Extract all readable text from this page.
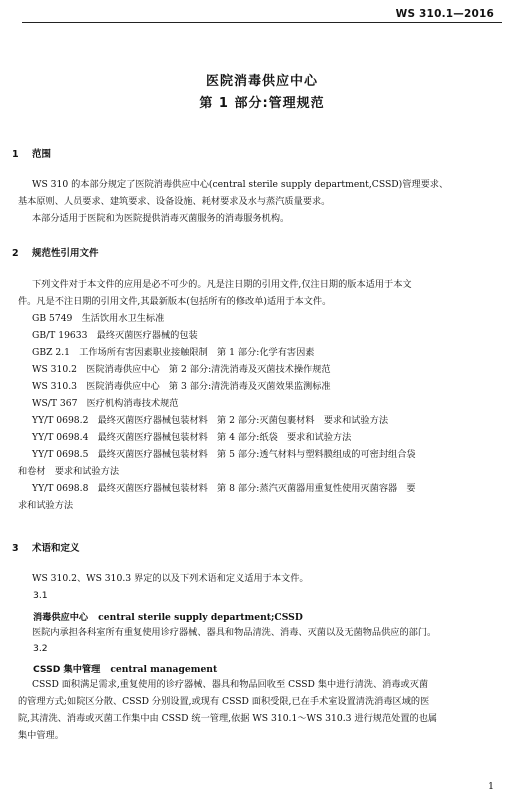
WS 310.1—2016
医院消毒供应中心
第 1 部分:管理规范
1 范围
WS 310 的本部分规定了医院消毒供应中心(central sterile supply department,CSSD)管理要求、
基本原则、人员要求、建筑要求、设备设施、耗材要求及水与蒸汽质量要求。
本部分适用于医院和为医院提供消毒灭菌服务的消毒服务机构。
2 规范性引用文件
下列文件对于本文件的应用是必不可少的。凡是注日期的引用文件,仅注日期的版本适用于本文
件。凡是不注日期的引用文件,其最新版本(包括所有的修改单)适用于本文件。
GB 5749　生活饮用水卫生标准
GB/T 19633　最终灭菌医疗器械的包装
GBZ 2.1　工作场所有害因素职业接触限制　第 1 部分:化学有害因素
WS 310.2　医院消毒供应中心　第 2 部分:清洗消毒及灭菌技术操作规范
WS 310.3　医院消毒供应中心　第 3 部分:清洗消毒及灭菌效果监测标准
WS/T 367　医疗机构消毒技术规范
YY/T 0698.2　最终灭菌医疗器械包装材料　第 2 部分:灭菌包裹材料　要求和试验方法
YY/T 0698.4　最终灭菌医疗器械包装材料　第 4 部分:纸袋　要求和试验方法
YY/T 0698.5　最终灭菌医疗器械包装材料　第 5 部分:透气材料与塑料膜组成的可密封组合袋
和卷材　要求和试验方法
YY/T 0698.8　最终灭菌医疗器械包装材料　第 8 部分:蒸汽灭菌器用重复性使用灭菌容器　要
求和试验方法
3 术语和定义
WS 310.2、WS 310.3 界定的以及下列术语和定义适用于本文件。
3.1
消毒供应中心 central sterile supply department;CSSD
医院内承担各科室所有重复使用诊疗器械、器具和物品清洗、消毒、灭菌以及无菌物品供应的部门。
3.2
CSSD 集中管理 central management
CSSD 面积满足需求,重复使用的诊疗器械、器具和物品回收至 CSSD 集中进行清洗、消毒或灭菌
的管理方式;如院区分散、CSSD 分别设置,或现有 CSSD 面积受限,已在手术室设置清洗消毒区域的医
院,其清洗、消毒或灭菌工作集中由 CSSD 统一管理,依据 WS 310.1～WS 310.3 进行规范处置的也属
集中管理。
1
